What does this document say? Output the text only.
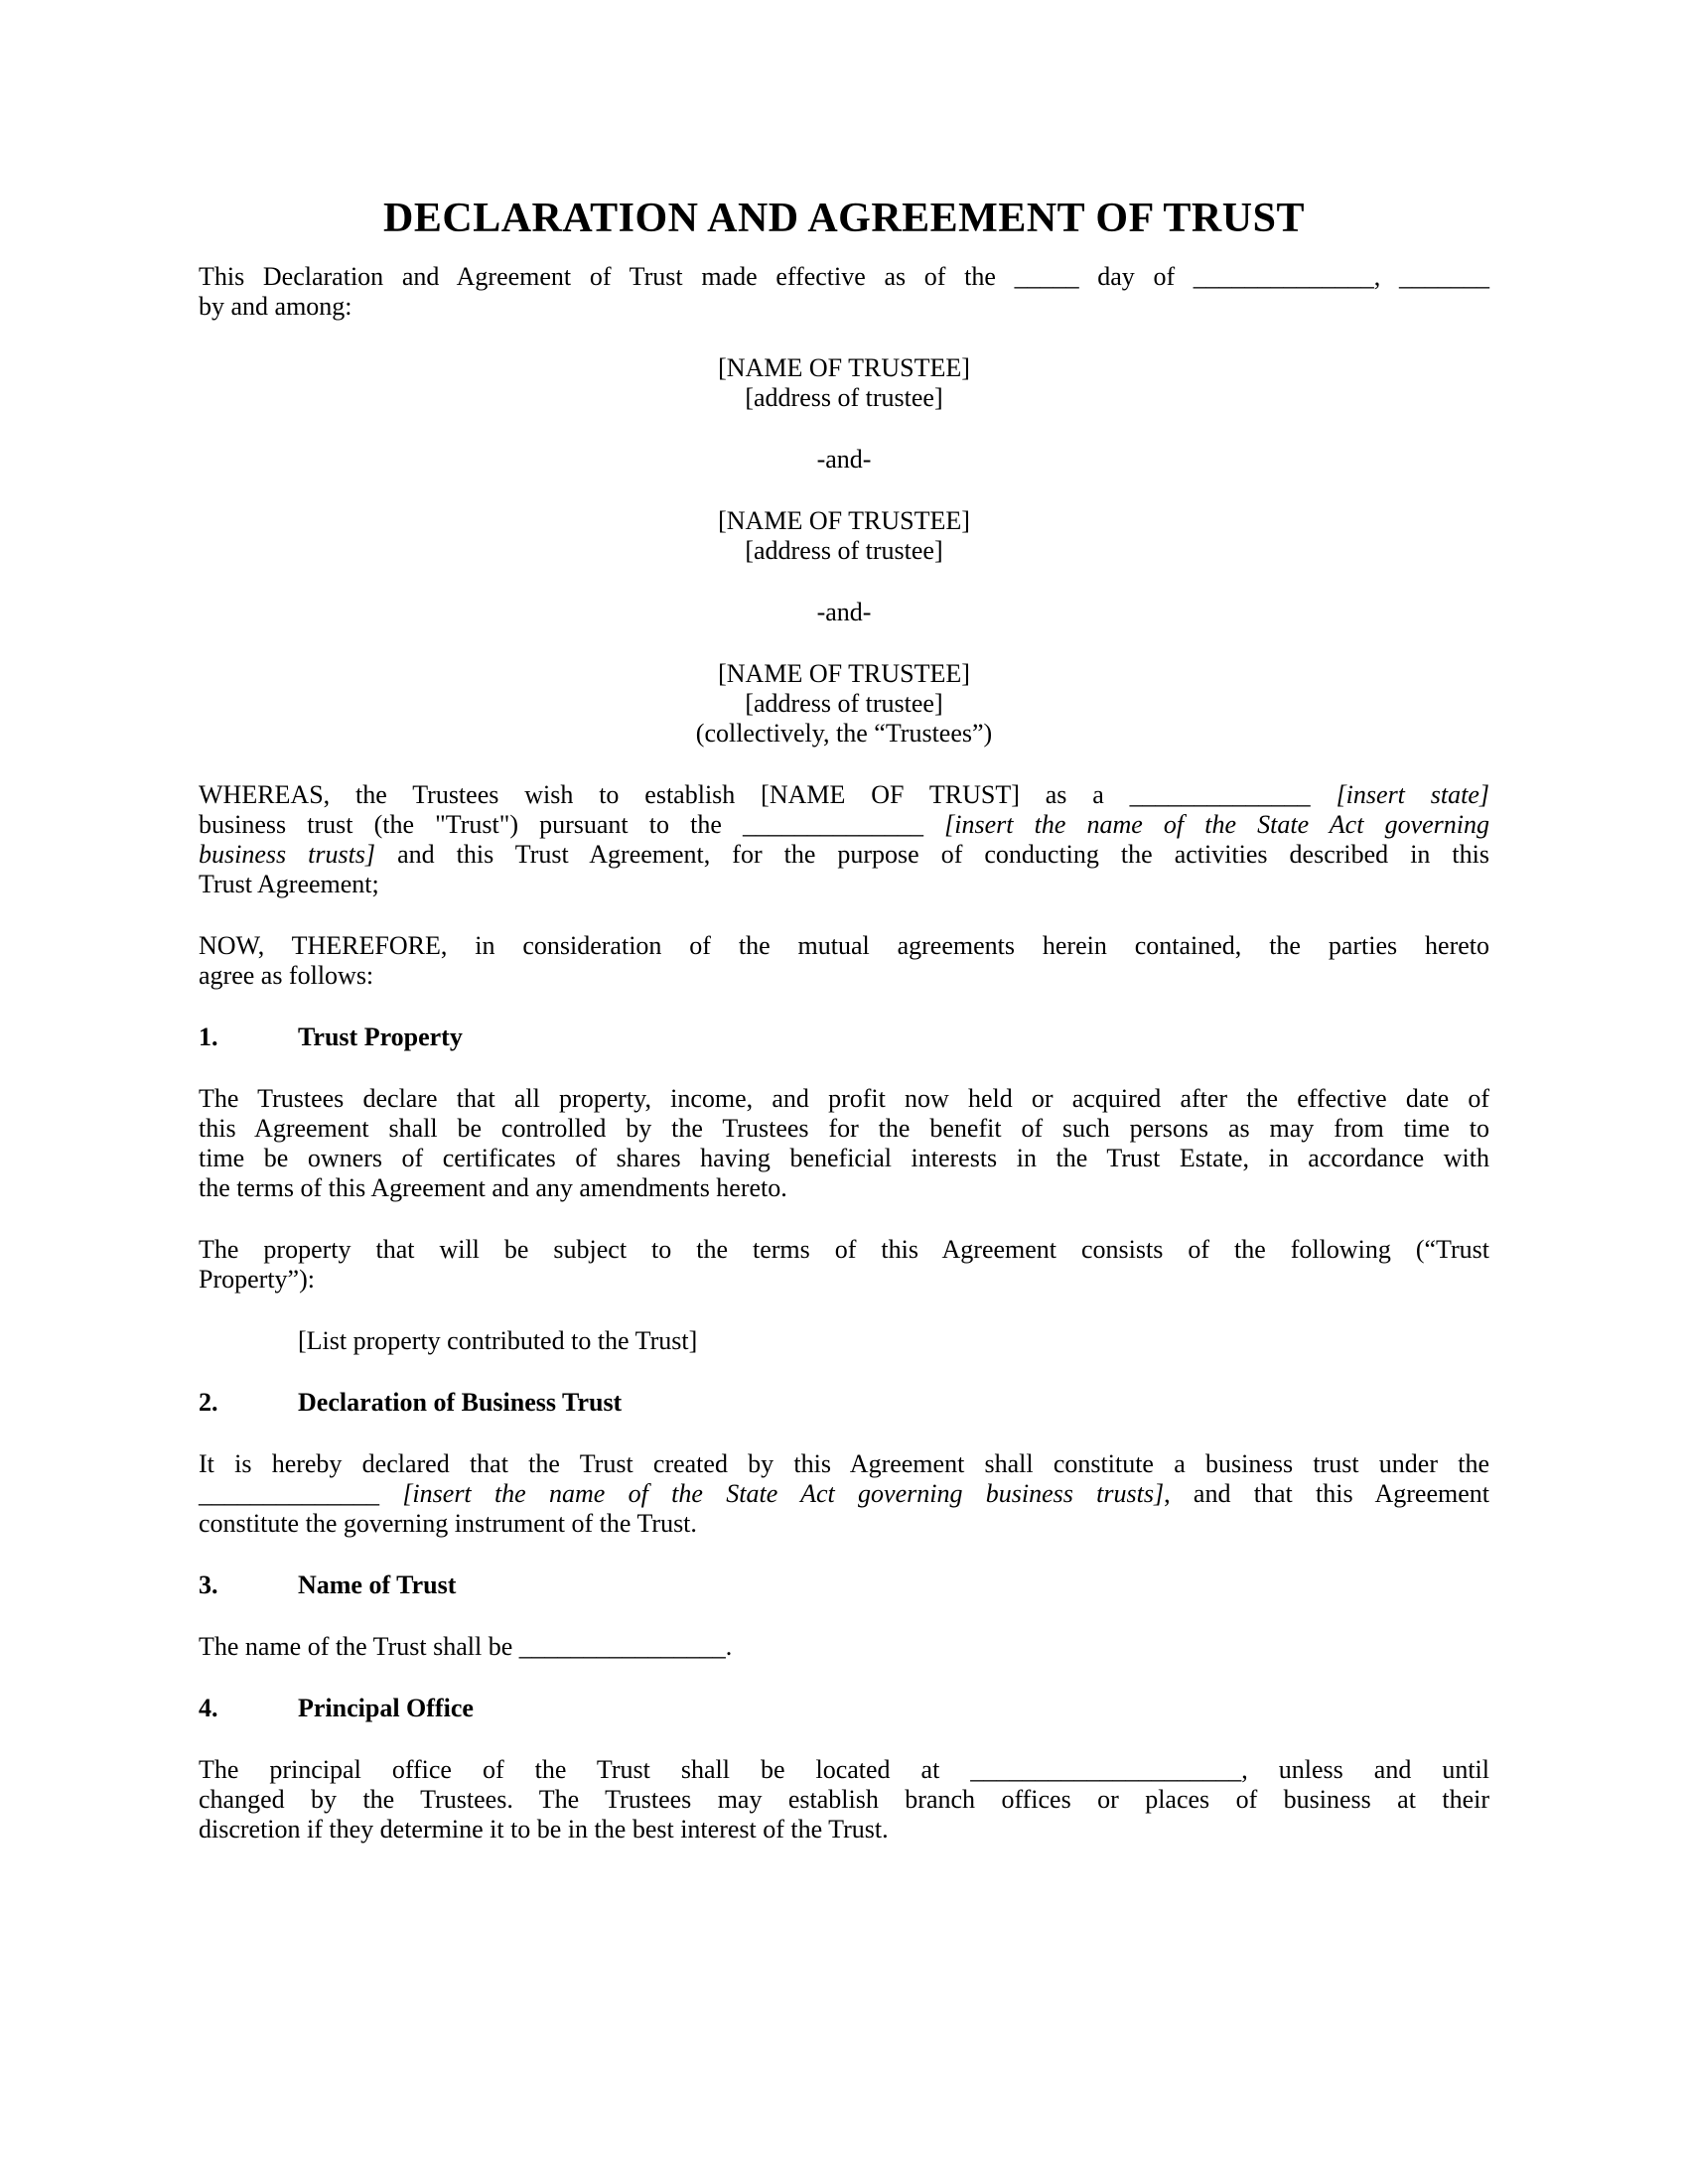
DECLARATION AND AGREEMENT OF TRUST
This Declaration and Agreement of Trust made effective as of the _____ day of ______________, _______
by and among:
[NAME OF TRUSTEE]
[address of trustee]
-and-
[NAME OF TRUSTEE]
[address of trustee]
-and-
[NAME OF TRUSTEE]
[address of trustee]
(collectively, the “Trustees”)
WHEREAS, the Trustees wish to establish [NAME OF TRUST] as a ______________ [insert state]
business trust (the "Trust") pursuant to the ______________ [insert the name of the State Act governing
business trusts] and this Trust Agreement, for the purpose of conducting the activities described in this
Trust Agreement;
NOW, THEREFORE, in consideration of the mutual agreements herein contained, the parties hereto
agree as follows:
1.	Trust Property
The Trustees declare that all property, income, and profit now held or acquired after the effective date of
this Agreement shall be controlled by the Trustees for the benefit of such persons as may from time to
time be owners of certificates of shares having beneficial interests in the Trust Estate, in accordance with
the terms of this Agreement and any amendments hereto.
The property that will be subject to the terms of this Agreement consists of the following (“Trust
Property”):
[List property contributed to the Trust]
2.	Declaration of Business Trust
It is hereby declared that the Trust created by this Agreement shall constitute a business trust under the
______________ [insert the name of the State Act governing business trusts], and that this Agreement
constitute the governing instrument of the Trust.
3.	Name of Trust
The name of the Trust shall be ________________.
4.	Principal Office
The principal office of the Trust shall be located at _____________________, unless and until
changed by the Trustees. The Trustees may establish branch offices or places of business at their
discretion if they determine it to be in the best interest of the Trust.
